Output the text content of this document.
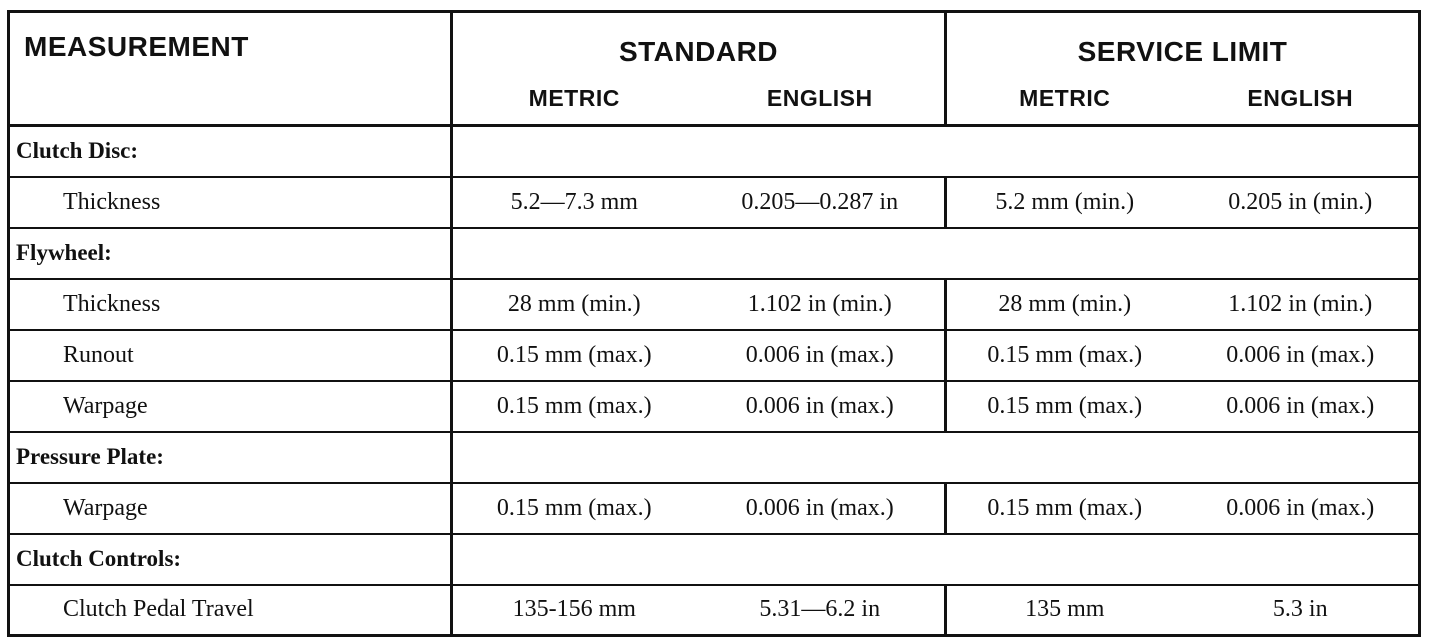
MEASUREMENT	STANDARD		SERVICE LIMIT	
	METRIC	ENGLISH	METRIC	ENGLISH
Clutch Disc:				
Thickness	5.2—7.3 mm	0.205—0.287 in	5.2 mm (min.)	0.205 in (min.)
Flywheel:				
Thickness	28 mm (min.)	1.102 in (min.)	28 mm (min.)	1.102 in (min.)
Runout	0.15 mm (max.)	0.006 in (max.)	0.15 mm (max.)	0.006 in (max.)
Warpage	0.15 mm (max.)	0.006 in (max.)	0.15 mm (max.)	0.006 in (max.)
Pressure Plate:				
Warpage	0.15 mm (max.)	0.006 in (max.)	0.15 mm (max.)	0.006 in (max.)
Clutch Controls:				
Clutch Pedal Travel	135-156 mm	5.31—6.2 in	135 mm	5.3 in
